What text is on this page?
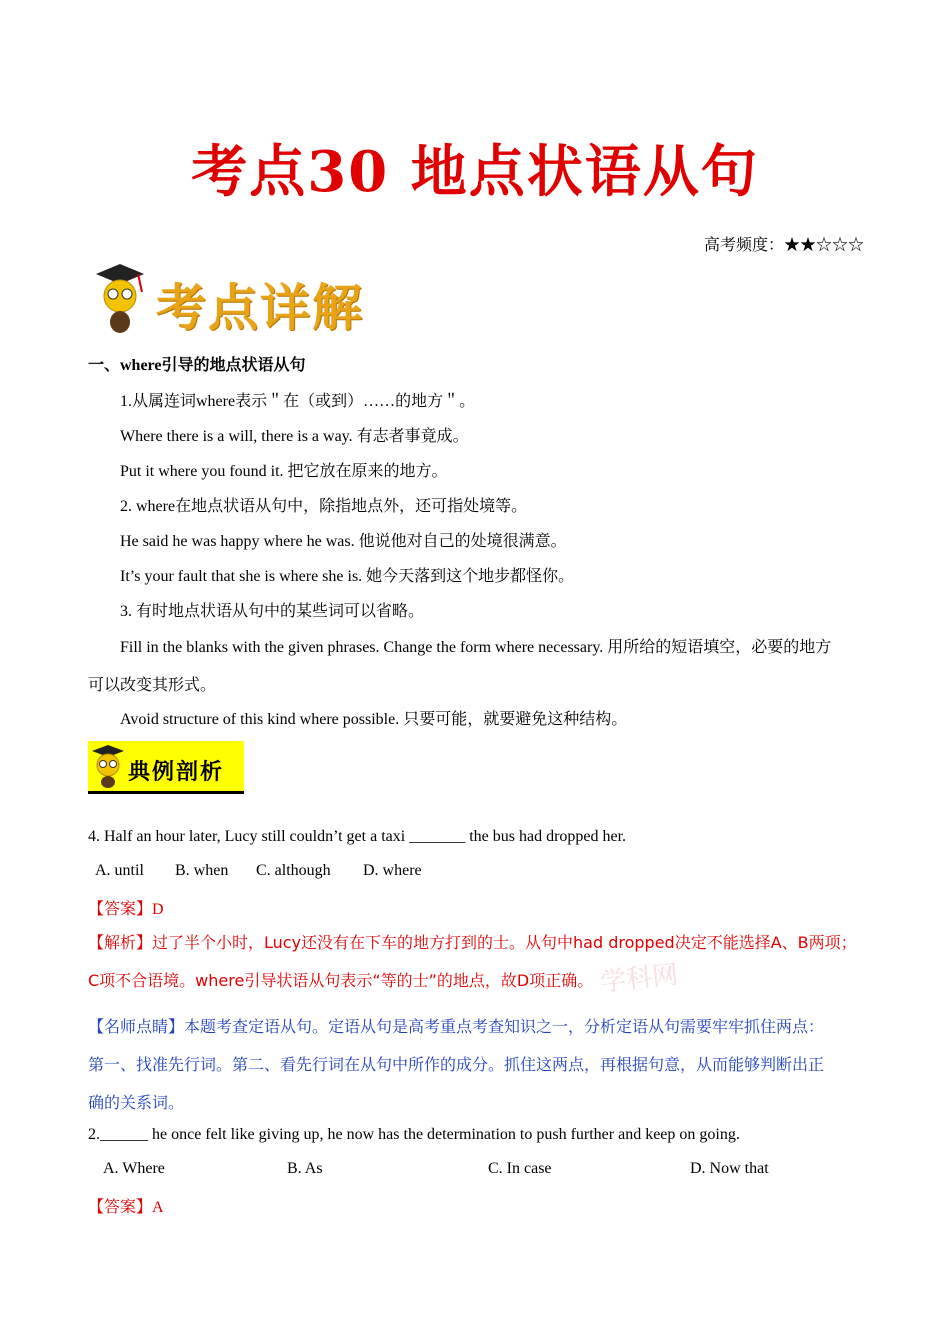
考点30 地点状语从句
高考频度：★★☆☆☆
考点详解
一、where引导的地点状语从句
1.从属连词where表示＂在（或到）……的地方＂。
Where there is a will, there is a way. 有志者事竟成。
Put it where you found it. 把它放在原来的地方。
2. where在地点状语从句中，除指地点外，还可指处境等。
He said he was happy where he was. 他说他对自己的处境很满意。
It’s your fault that she is where she is. 她今天落到这个地步都怪你。
3. 有时地点状语从句中的某些词可以省略。
Fill in the blanks with the given phrases. Change the form where necessary. 用所给的短语填空，必要的地方
可以改变其形式。
Avoid structure of this kind where possible. 只要可能，就要避免这种结构。
典例剖析
4. Half an hour later, Lucy still couldn’t get a taxi _______ the bus had dropped her.
A. until B. when C. although D. where
【答案】D
【解析】过了半个小时，Lucy还没有在下车的地方打到的士。从句中had dropped决定不能选择A、B两项；
C项不合语境。where引导状语从句表示“等的士”的地点，故D项正确。 学科网
【名师点睛】本题考查定语从句。定语从句是高考重点考查知识之一，分析定语从句需要牢牢抓住两点：
第一、找准先行词。第二、看先行词在从句中所作的成分。抓住这两点，再根据句意，从而能够判断出正
确的关系词。
2.______ he once felt like giving up, he now has the determination to push further and keep on going.
A. Where	B. As	C. In case	D. Now that
【答案】A
